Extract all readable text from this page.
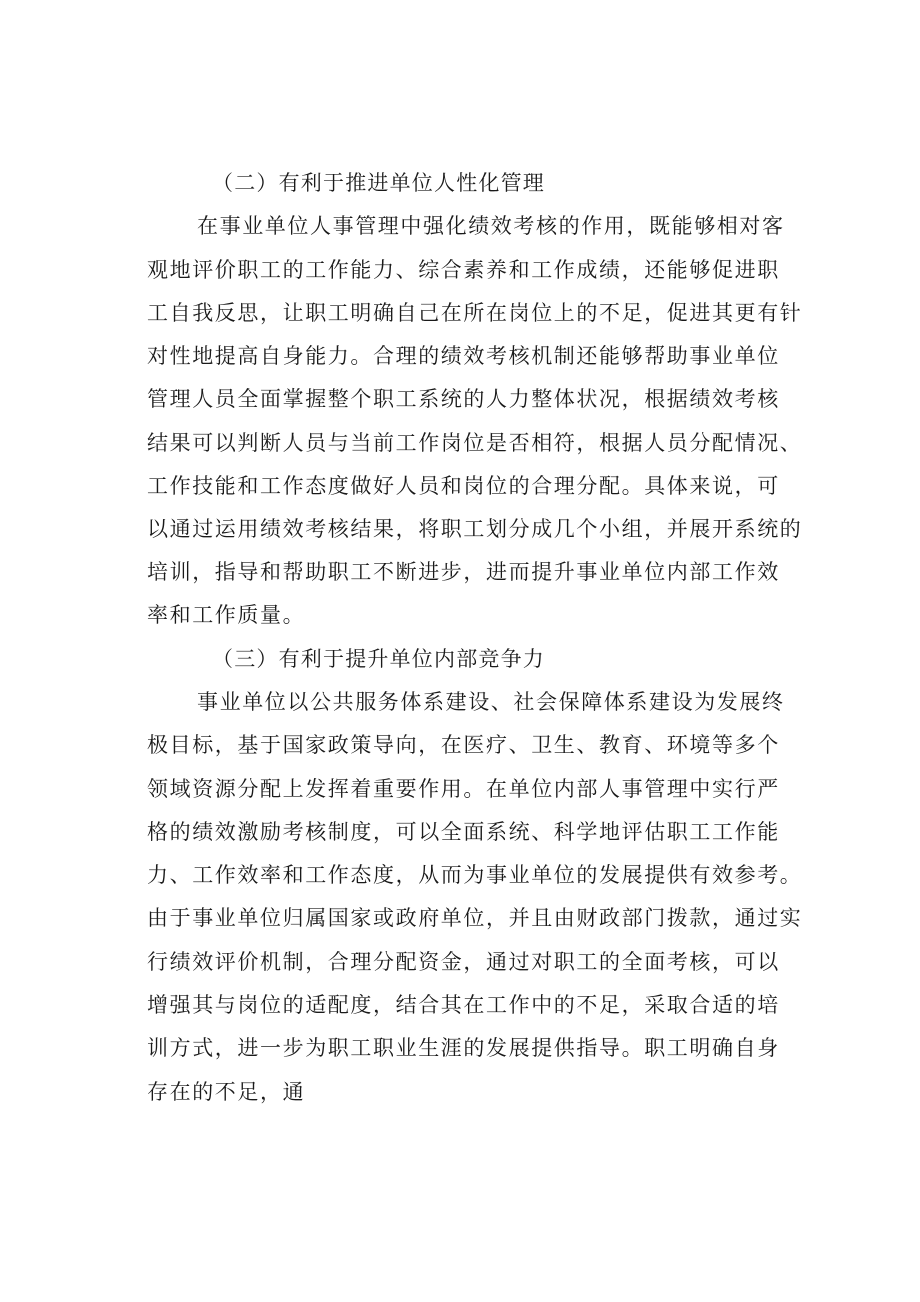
（二）有利于推进单位人性化管理
在事业单位人事管理中强化绩效考核的作用，既能够相对客
观地评价职工的工作能力、综合素养和工作成绩，还能够促进职
工自我反思，让职工明确自己在所在岗位上的不足，促进其更有针
对性地提高自身能力。合理的绩效考核机制还能够帮助事业单位
管理人员全面掌握整个职工系统的人力整体状况，根据绩效考核
结果可以判断人员与当前工作岗位是否相符，根据人员分配情况、
工作技能和工作态度做好人员和岗位的合理分配。具体来说，可
以通过运用绩效考核结果，将职工划分成几个小组，并展开系统的
培训，指导和帮助职工不断进步，进而提升事业单位内部工作效
率和工作质量。
（三）有利于提升单位内部竞争力
事业单位以公共服务体系建设、社会保障体系建设为发展终
极目标，基于国家政策导向，在医疗、卫生、教育、环境等多个
领域资源分配上发挥着重要作用。在单位内部人事管理中实行严
格的绩效激励考核制度，可以全面系统、科学地评估职工工作能
力、工作效率和工作态度，从而为事业单位的发展提供有效参考。
由于事业单位归属国家或政府单位，并且由财政部门拨款，通过实
行绩效评价机制，合理分配资金，通过对职工的全面考核，可以
增强其与岗位的适配度，结合其在工作中的不足，采取合适的培
训方式，进一步为职工职业生涯的发展提供指导。职工明确自身
存在的不足，通
